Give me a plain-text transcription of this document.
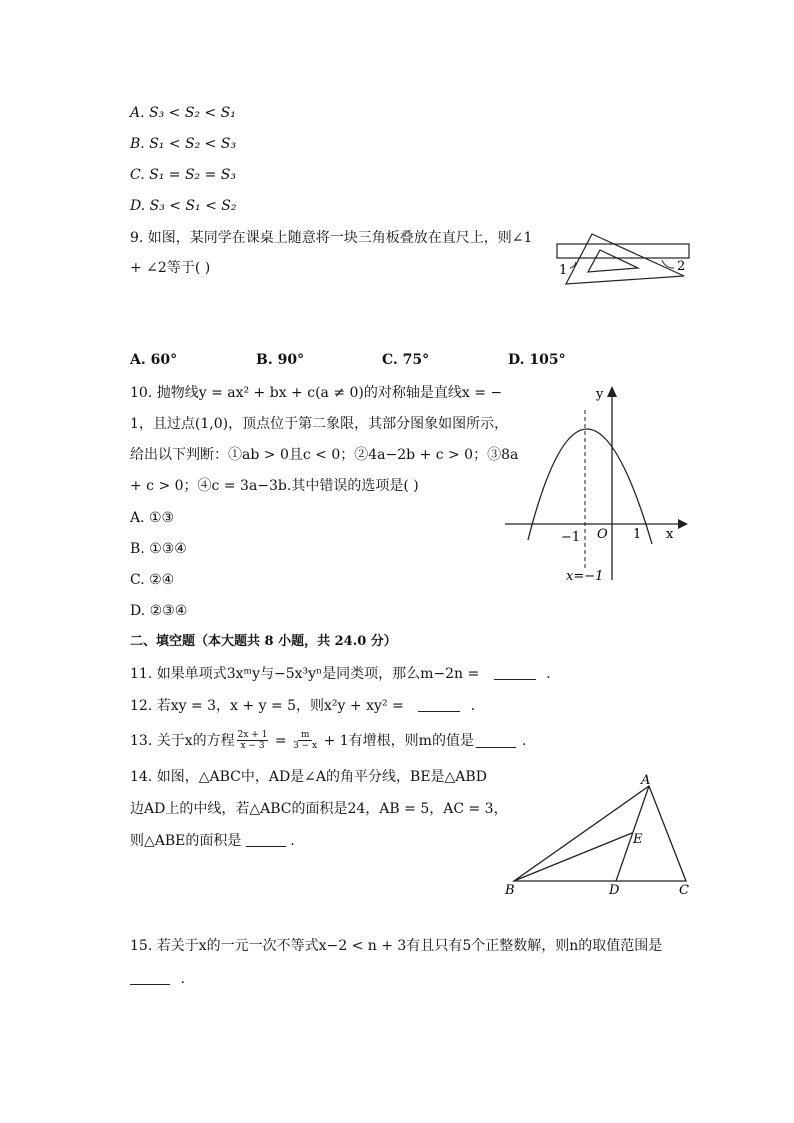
A. S₃ < S₂ < S₁
B. S₁ < S₂ < S₃
C. S₁ = S₂ = S₃
D. S₃ < S₁ < S₂
9. 如图，某同学在课桌上随意将一块三角板叠放在直尺上，则∠1
+ ∠2等于( )	1	2
A. 60°	B. 90°	C. 75°	D. 105°
10. 抛物线y = ax² + bx + c(a ≠ 0)的对称轴是直线x = −
1，且过点(1,0)，顶点位于第二象限，其部分图象如图所示，
给出以下判断：①ab > 0且c < 0；②4a−2b + c > 0；③8a
+ c > 0；④c = 3a−3b.其中错误的选项是( )
A. ①③
B. ①③④
C. ②④
D. ②③④
y
x
O
−1	1
x=−1
二、填空题（本大题共 8 小题，共 24.0 分）
11. 如果单项式3xᵐy与−5x³yⁿ是同类项，那么m−2n =	.
12. 若xy = 3，x + y = 5，则x²y + xy² =	.
13. 关于x的方程 $\frac{2x + 1}{x - 3} = \frac{m}{3 - x} + 1$有增根，则m的值是	.
14. 如图，△ABC中，AD是∠A的角平分线，BE是△ABD
边AD上的中线，若△ABC的面积是24，AB = 5，AC = 3，
则△ABE的面积是	.
A
B	C
D
E
15. 若关于x的一元一次不等式x−2 < n + 3有且只有5个正整数解，则n的取值范围是
.
